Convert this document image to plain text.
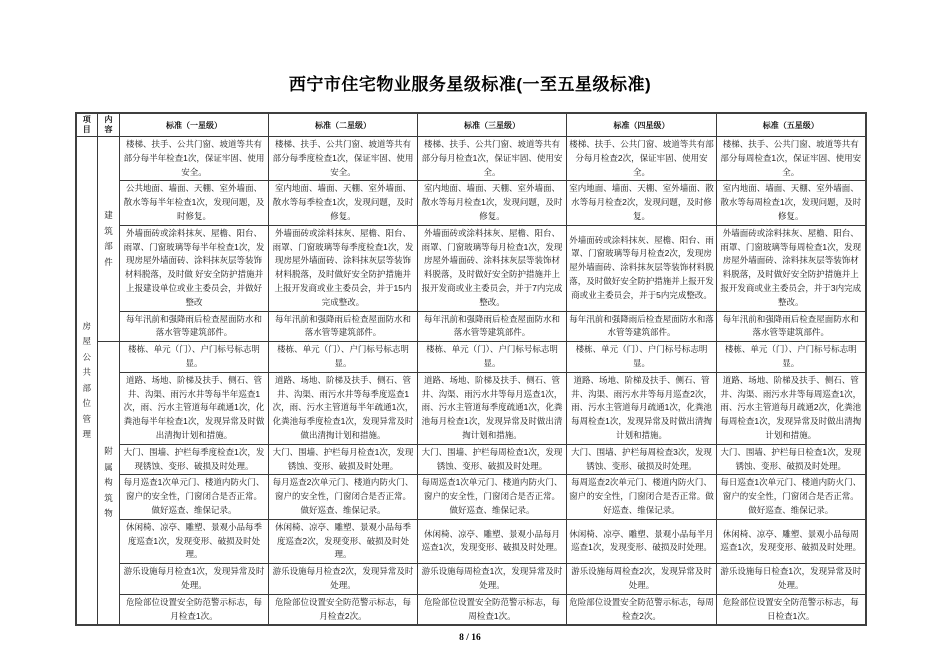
西宁市住宅物业服务星级标准(一至五星级标准)
项目	内容	标准（一星级）	标准（二星级）	标准（三星级）	标准（四星级）	标准（五星级）
房屋公共部位管理	建筑部件	楼梯、扶手、公共门窗、坡道等共有部分每半年检查1次，保证牢固、使用安全。	楼梯、扶手、公共门窗、坡道等共有部分每季度检查1次，保证牢固、使用安全。	楼梯、扶手、公共门窗、坡道等共有部分每月检查1次，保证牢固、使用安全。	楼梯、扶手、公共门窗、坡道等共有部分每月检查2次，保证牢固、使用安全。	楼梯、扶手、公共门窗、坡道等共有部分每周检查1次，保证牢固、使用安全。
		公共地面、墙面、天棚、室外墙面、散水等每半年检查1次，发现问题，及时修复。	室内地面、墙面、天棚、室外墙面、散水等每季检查1次，发现问题，及时修复。	室内地面、墙面、天棚、室外墙面、散水等每月检查1次，发现问题，及时修复。	室内地面、墙面、天棚、室外墙面、散水等每月检查2次，发现问题，及时修复。	室内地面、墙面、天棚、室外墙面、散水等每周检查1次，发现问题，及时修复。
		外墙面砖或涂料抹灰、屋檐、阳台、雨罩、门窗玻璃等每半年检查1次，发现房屋外墙面砖、涂料抹灰层等装饰材料脱落，及时做 好安全防护措施并上报建设单位或业主委员会，并做好整改	外墙面砖或涂料抹灰、屋檐、阳台、雨罩、门窗玻璃等每季度检查1次，发现房屋外墙面砖、涂料抹灰层等装饰材料脱落，及时做好安全防护措施并上报开发商或业主委员会，并于15内完成整改。	外墙面砖或涂料抹灰、屋檐、阳台、雨罩、门窗玻璃等每月检查1次，发现房屋外墙面砖、涂料抹灰层等装饰材料脱落，及时做好安全防护措施并上报开发商或业主委员会，并于7内完成整改。	外墙面砖或涂料抹灰、屋檐、阳台、雨罩、门窗玻璃等每月检查2次，发现房屋外墙面砖、涂料抹灰层等装饰材料脱落，及时做好安全防护措施并上报开发商或业主委员会，并于5内完成整改。	外墙面砖或涂料抹灰、屋檐、阳台、雨罩、门窗玻璃等每周检查1次，发现房屋外墙面砖、涂料抹灰层等装饰材料脱落，及时做好安全防护措施并上报开发商或业主委员会，并于3内完成整改。
		每年汛前和强降雨后检查屋面防水和落水管等建筑部件。	每年汛前和强降雨后检查屋面防水和落水管等建筑部件。	每年汛前和强降雨后检查屋面防水和落水管等建筑部件。	每年汛前和强降雨后检查屋面防水和落水管等建筑部件。	每年汛前和强降雨后检查屋面防水和落水管等建筑部件。
	附属构筑物	楼栋、单元（门）、户门标号标志明显。	楼栋、单元（门）、户门标号标志明显。	楼栋、单元（门）、户门标号标志明显。	楼栋、单元（门）、户门标号标志明显。	楼栋、单元（门）、户门标号标志明显。
		道路、场地、阶梯及扶手、侧石、管井、沟渠、雨污水井等每半年巡查1次，雨、污水主管道每年疏通1次，化粪池每半年检查1次，发现异常及时做出清掏计划和措施。	道路、场地、阶梯及扶手、侧石、管井、沟渠、雨污水井等每季度巡查1次，雨、污水主管道每半年疏通1次，化粪池每季度检查1次，发现异常及时做出清掏计划和措施。	道路、场地、阶梯及扶手、侧石、管井、沟渠、雨污水井等每月巡查1次，雨、污水主管道每季度疏通1次，化粪池每月检查1次，发现异常及时做出清掏计划和措施。	道路、场地、阶梯及扶手、侧石、管井、沟渠、雨污水井等每月巡查2次，雨、污水主管道每月疏通1次，化粪池每周检查1次，发现异常及时做出清掏计划和措施。	道路、场地、阶梯及扶手、侧石、管井、沟渠、雨污水井等每周巡查1次，雨、污水主管道每月疏通2次，化粪池每周检查1次，发现异常及时做出清掏计划和措施。
		大门、围墙、护栏每季度检查1次，发现锈蚀、变形、破损及时处理。	大门、围墙、护栏每月检查1次，发现锈蚀、变形、破损及时处理。	大门、围墙、护栏每周检查1次，发现锈蚀、变形、破损及时处理。	大门、围墙、护栏每周检查3次，发现锈蚀、变形、破损及时处理。	大门、围墙、护栏每日检查1次，发现锈蚀、变形、破损及时处理。
		每月巡查1次单元门、楼道内防火门、窗户的安全性，门窗闭合是否正常。做好巡查、维保记录。	每月巡查2次单元门、楼道内防火门、窗户的安全性，门窗闭合是否正常。做好巡查、维保记录。	每周巡查1次单元门、楼道内防火门、窗户的安全性，门窗闭合是否正常。做好巡查、维保记录。	每周巡查2次单元门、楼道内防火门、窗户的安全性，门窗闭合是否正常。做好巡查、维保记录。	每日巡查1次单元门、楼道内防火门、窗户的安全性，门窗闭合是否正常。做好巡查、维保记录。
		休闲椅、凉亭、雕塑、景观小品每季度巡查1次，发现变形、破损及时处理。	休闲椅、凉亭、雕塑、景观小品每季度巡查2次，发现变形、破损及时处理。	休闲椅、凉亭、雕塑、景观小品每月巡查1次，发现变形、破损及时处理。	休闲椅、凉亭、雕塑、景观小品每半月巡查1次，发现变形、破损及时处理。	休闲椅、凉亭、雕塑、景观小品每周巡查1次，发现变形、破损及时处理。
		游乐设施每月检查1次，发现异常及时处理。	游乐设施每月检查2次，发现异常及时处理。	游乐设施每周检查1次，发现异常及时处理。	游乐设施每周检查2次，发现异常及时处理。	游乐设施每日检查1次，发现异常及时处理。
		危险部位设置安全防范警示标志，每月检查1次。	危险部位设置安全防范警示标志，每月检查2次。	危险部位设置安全防范警示标志，每周检查1次。	危险部位设置安全防范警示标志，每周检查2次。	危险部位设置安全防范警示标志，每日检查1次。
8 / 16
